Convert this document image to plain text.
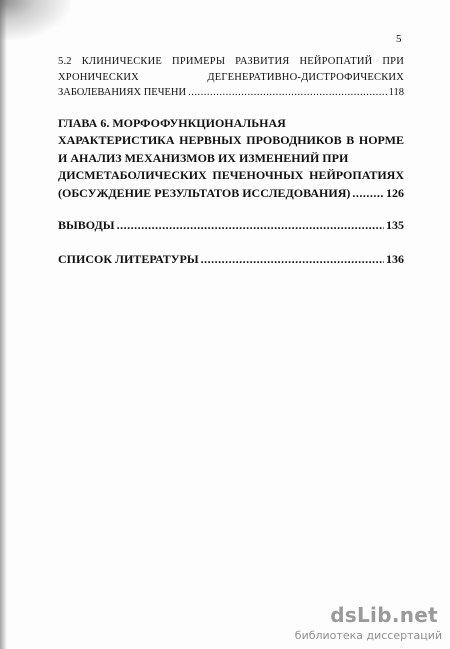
5
5.2 КЛИНИЧЕСКИЕ ПРИМЕРЫ РАЗВИТИЯ НЕЙРОПАТИЙ ПРИ
ХРОНИЧЕСКИХ ДЕГЕНЕРАТИВНО-ДИСТРОФИЧЕСКИХ
ЗАБОЛЕВАНИЯХ ПЕЧЕНИ .....	118
ГЛАВА 6. МОРФОФУНКЦИОНАЛЬНАЯ
ХАРАКТЕРИСТИКА НЕРВНЫХ ПРОВОДНИКОВ В НОРМЕ
И АНАЛИЗ МЕХАНИЗМОВ ИХ ИЗМЕНЕНИЙ ПРИ
ДИСМЕТАБОЛИЧЕСКИХ ПЕЧЕНОЧНЫХ НЕЙРОПАТИЯХ
(ОБСУЖДЕНИЕ РЕЗУЛЬТАТОВ ИССЛЕДОВАНИЯ) .....	126
ВЫВОДЫ .....	135
СПИСОК ЛИТЕРАТУРЫ .....	136
dsLib.net
библиотека диссертаций
